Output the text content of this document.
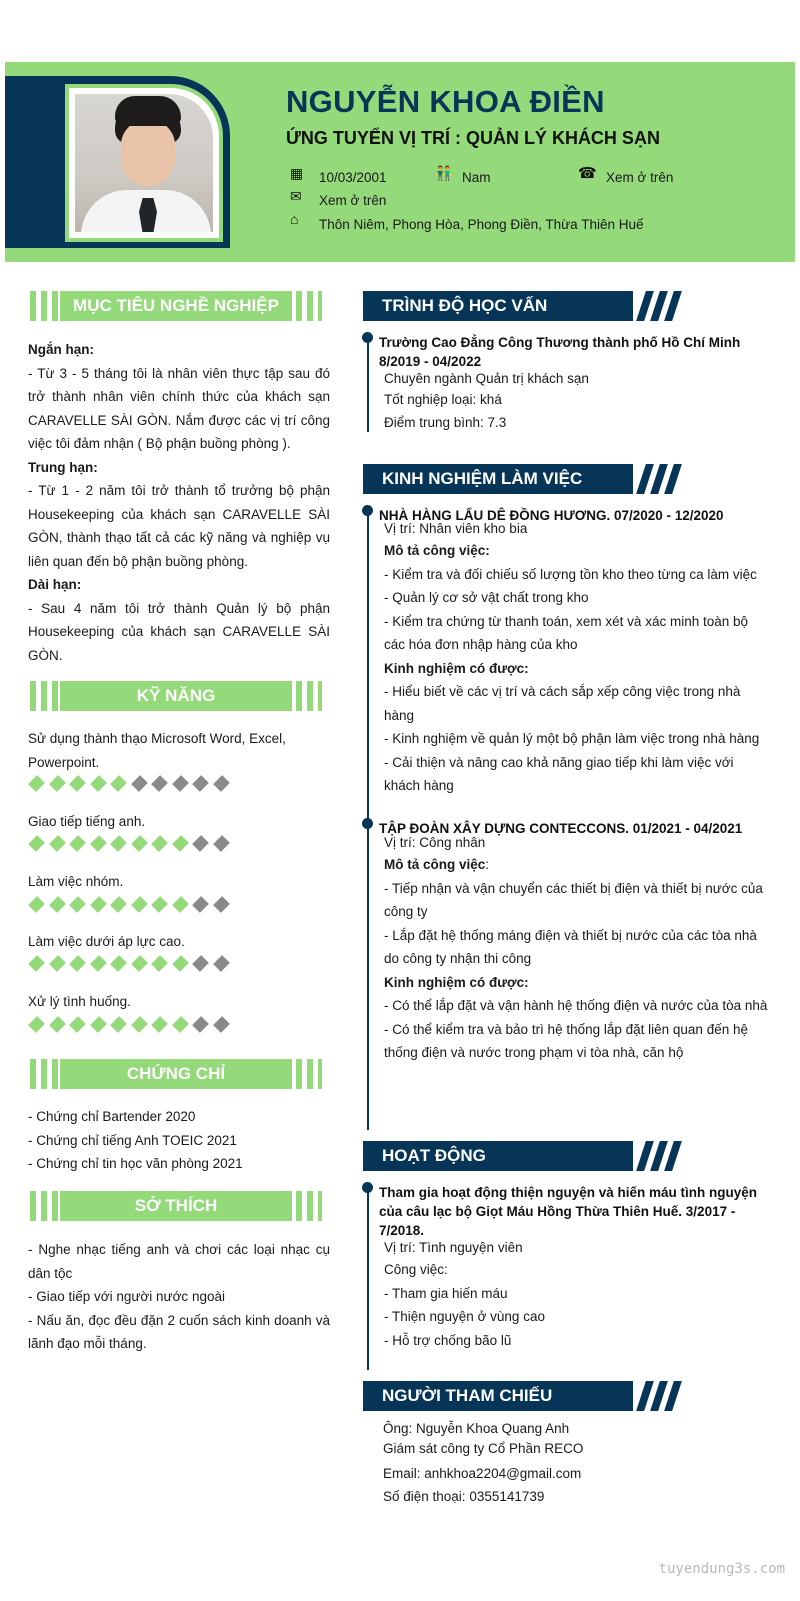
NGUYỄN KHOA ĐIỀN
ỨNG TUYỂN VỊ TRÍ : QUẢN LÝ KHÁCH SẠN
▦ 10/03/2001	👬 Nam	☎ Xem ở trên
✉ Xem ở trên
⌂ Thôn Niêm, Phong Hòa, Phong Điền, Thừa Thiên Huế
MỤC TIÊU NGHỀ NGHIỆP
Ngắn hạn:
- Từ 3 - 5 tháng tôi là nhân viên thực tập sau đó trở thành nhân viên chính thức của khách sạn CARAVELLE SÀI GÒN. Nắm được các vị trí công việc tôi đảm nhận ( Bộ phận buồng phòng ).
Trung hạn:
- Từ 1 - 2 năm tôi trở thành tổ trưởng bộ phận Housekeeping của khách sạn CARAVELLE SÀI GÒN, thành thạo tất cả các kỹ năng và nghiệp vụ liên quan đến bộ phận buồng phòng.
Dài hạn:
- Sau 4 năm tôi trở thành Quản lý bộ phận Housekeeping của khách sạn CARAVELLE SÀI GÒN.
KỸ NĂNG
Sử dụng thành thạo Microsoft Word, Excel, Powerpoint.
Giao tiếp tiếng anh.
Làm việc nhóm.
Làm việc dưới áp lực cao.
Xử lý tình huống.
CHỨNG CHỈ
- Chứng chỉ Bartender 2020
- Chứng chỉ tiếng Anh TOEIC 2021
- Chứng chỉ tin học văn phòng 2021
SỞ THÍCH
- Nghe nhạc tiếng anh và chơi các loại nhạc cụ dân tộc
- Giao tiếp với người nước ngoài
- Nấu ăn, đọc đều đặn 2 cuốn sách kinh doanh và lãnh đạo mỗi tháng.
TRÌNH ĐỘ HỌC VẤN
Trường Cao Đẳng Công Thương thành phố Hồ Chí Minh
8/2019 - 04/2022
Chuyên ngành Quản trị khách sạn
Tốt nghiệp loại: khá
Điểm trung bình: 7.3
KINH NGHIỆM LÀM VIỆC
NHÀ HÀNG LẨU DÊ ĐỒNG HƯƠNG. 07/2020 - 12/2020
Vị trí: Nhân viên kho bia
Mô tả công việc:
- Kiểm tra và đối chiếu số lượng tồn kho theo từng ca làm việc
- Quản lý cơ sở vật chất trong kho
- Kiểm tra chứng từ thanh toán, xem xét và xác minh toàn bộ các hóa đơn nhập hàng của kho
Kinh nghiệm có được:
- Hiểu biết về các vị trí và cách sắp xếp công việc trong nhà hàng
- Kinh nghiệm về quản lý một bộ phận làm việc trong nhà hàng
- Cải thiện và nâng cao khả năng giao tiếp khi làm việc với khách hàng
TẬP ĐOÀN XÂY DỰNG CONTECCONS. 01/2021 - 04/2021
Vị trí: Công nhân
Mô tả công việc:
- Tiếp nhận và vận chuyển các thiết bị điện và thiết bị nước của công ty
- Lắp đặt hệ thống máng điện và thiết bị nước của các tòa nhà do công ty nhận thi công
Kinh nghiệm có được:
- Có thể lắp đặt và vận hành hệ thống điện và nước của tòa nhà
- Có thể kiểm tra và bảo trì hệ thống lắp đặt liên quan đến hệ thống điện và nước trong phạm vi tòa nhà, căn hộ
HOẠT ĐỘNG
Tham gia hoạt động thiện nguyện và hiến máu tình nguyện của câu lạc bộ Giọt Máu Hồng Thừa Thiên Huế. 3/2017 - 7/2018.
Vị trí: Tình nguyện viên
Công việc:
- Tham gia hiến máu
- Thiện nguyện ở vùng cao
- Hỗ trợ chống bão lũ
NGƯỜI THAM CHIẾU
Ông: Nguyễn Khoa Quang Anh
Giám sát công ty Cổ Phần RECO
Email: anhkhoa2204@gmail.com
Số điện thoại: 0355141739
tuyendung3s.com
